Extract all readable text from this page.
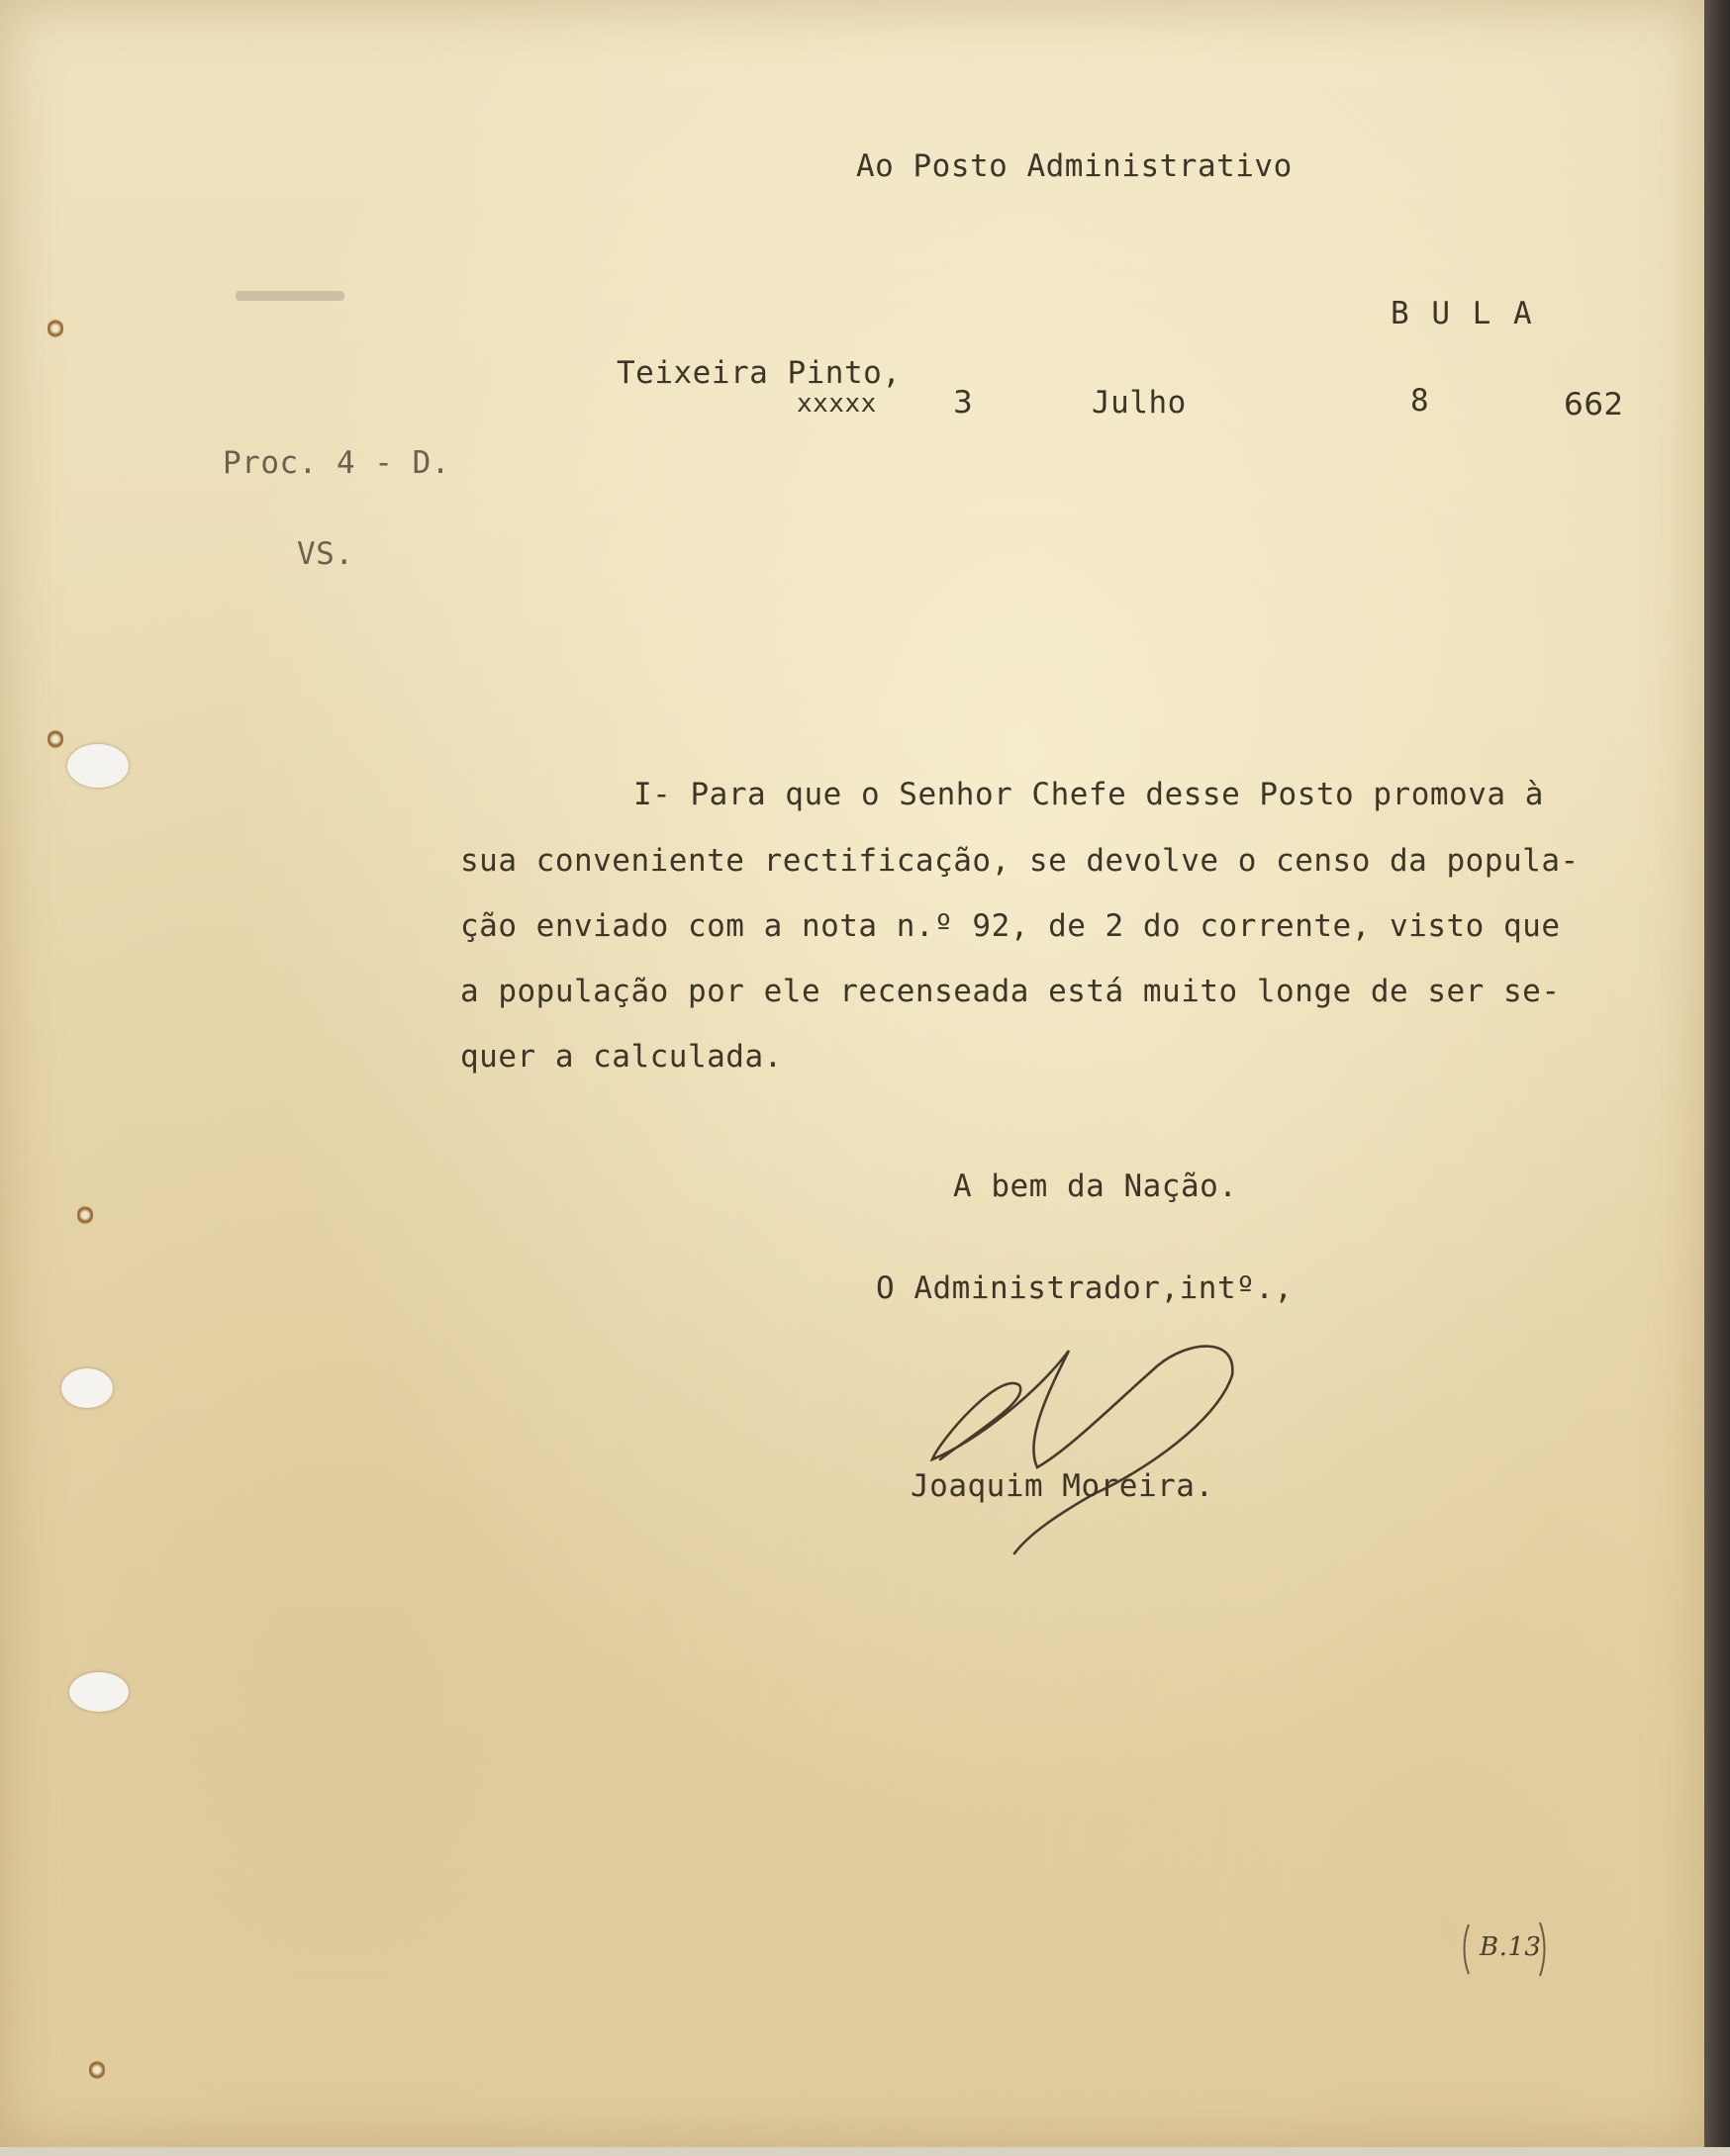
Ao Posto Administrativo
B U L A
Teixeira Pinto,
xxxxx 3	Julho	8	662
Proc. 4 - D.
VS.
I- Para que o Senhor Chefe desse Posto promova à
sua conveniente rectificação, se devolve o censo da popula-
ção enviado com a nota n.º 92, de 2 do corrente, visto que
a população por ele recenseada está muito longe de ser se-
quer a calculada.
A bem da Nação.
O Administrador,intº.,
Joaquim Moreira.
B.13
